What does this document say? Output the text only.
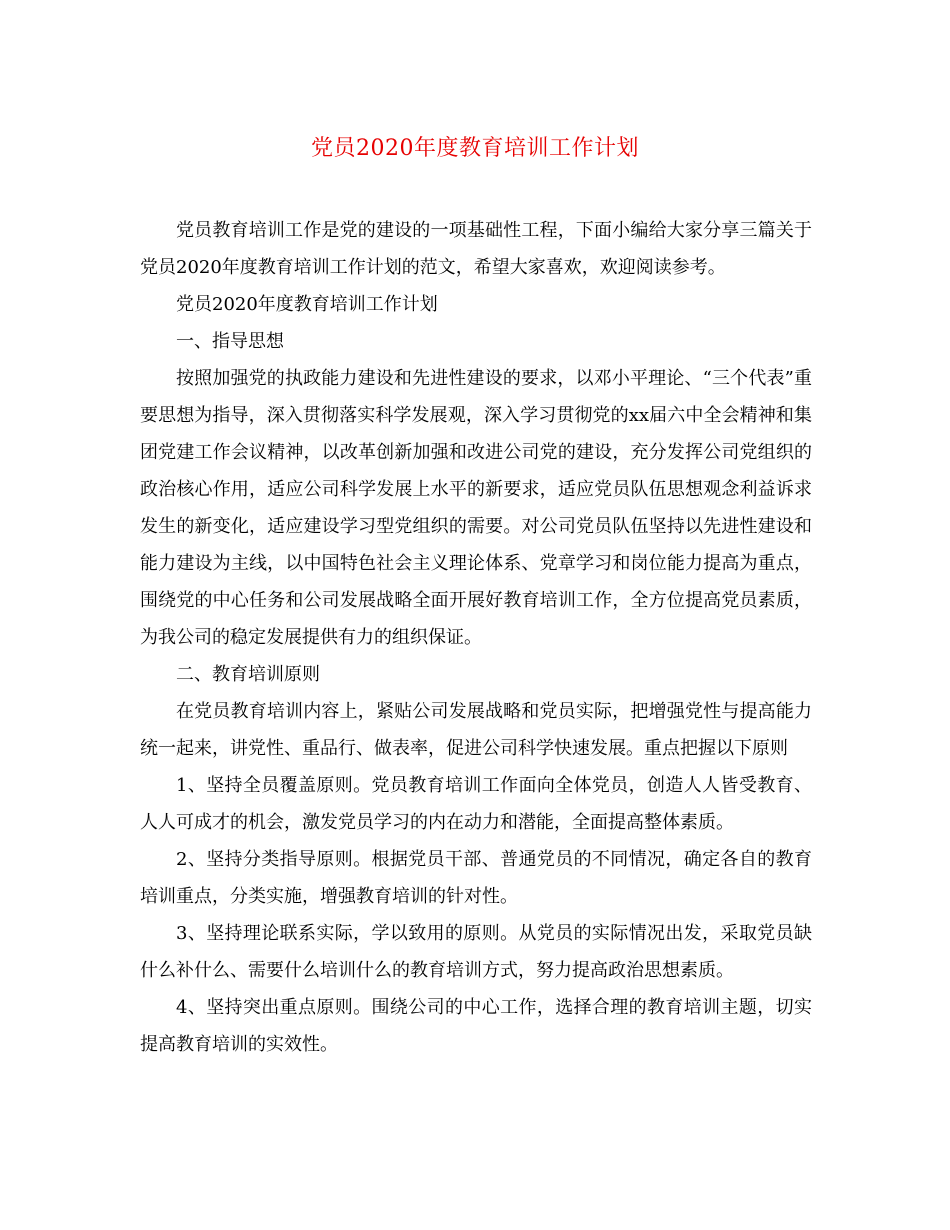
党员2020年度教育培训工作计划

党员教育培训工作是党的建设的一项基础性工程，下面小编给大家分享三篇关于党员2020年度教育培训工作计划的范文，希望大家喜欢，欢迎阅读参考。

党员2020年度教育培训工作计划

一、指导思想

按照加强党的执政能力建设和先进性建设的要求，以邓小平理论、“三个代表”重要思想为指导，深入贯彻落实科学发展观，深入学习贯彻党的xx届六中全会精神和集团党建工作会议精神，以改革创新加强和改进公司党的建设，充分发挥公司党组织的政治核心作用，适应公司科学发展上水平的新要求，适应党员队伍思想观念利益诉求发生的新变化，适应建设学习型党组织的需要。对公司党员队伍坚持以先进性建设和能力建设为主线，以中国特色社会主义理论体系、党章学习和岗位能力提高为重点，围绕党的中心任务和公司发展战略全面开展好教育培训工作，全方位提高党员素质，为我公司的稳定发展提供有力的组织保证。

二、教育培训原则

在党员教育培训内容上，紧贴公司发展战略和党员实际，把增强党性与提高能力统一起来，讲党性、重品行、做表率，促进公司科学快速发展。重点把握以下原则

1、坚持全员覆盖原则。党员教育培训工作面向全体党员，创造人人皆受教育、人人可成才的机会，激发党员学习的内在动力和潜能，全面提高整体素质。

2、坚持分类指导原则。根据党员干部、普通党员的不同情况，确定各自的教育培训重点，分类实施，增强教育培训的针对性。

3、坚持理论联系实际，学以致用的原则。从党员的实际情况出发，采取党员缺什么补什么、需要什么培训什么的教育培训方式，努力提高政治思想素质。

4、坚持突出重点原则。围绕公司的中心工作，选择合理的教育培训主题，切实提高教育培训的实效性。
